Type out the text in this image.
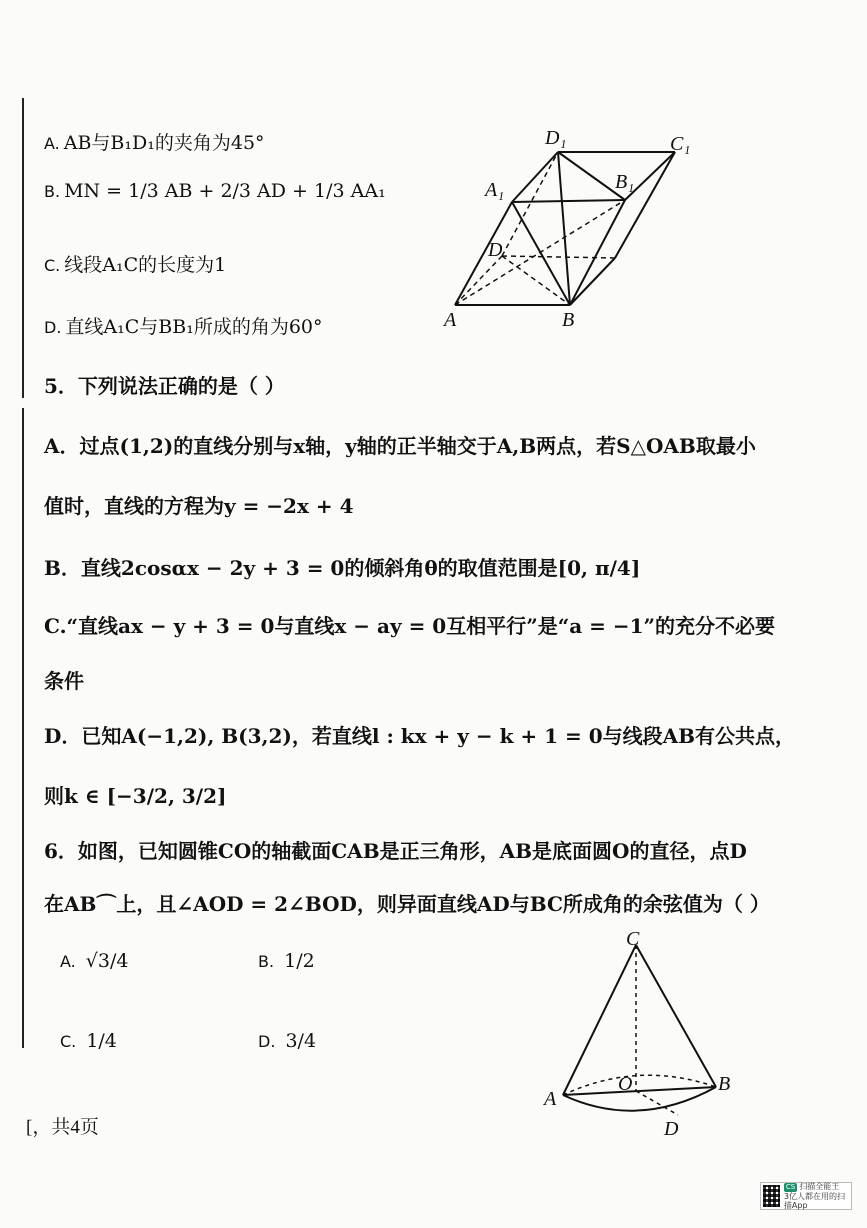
A. AB与B₁D₁的夹角为45°
B. MN = 1/3 AB + 2/3 AD + 1/3 AA₁
C. 线段A₁C的长度为1
D. 直线A₁C与BB₁所成的角为60°
D₁	C₁
A₁	B₁
D
A	B
5．下列说法正确的是（ ）
A．过点(1,2)的直线分别与x轴，y轴的正半轴交于A,B两点，若S△OAB取最小
值时，直线的方程为y = −2x + 4
B．直线2cosαx − 2y + 3 = 0的倾斜角θ的取值范围是[0, π/4]
C.“直线ax − y + 3 = 0与直线x − ay = 0互相平行”是“a = −1”的充分不必要
条件
D．已知A(−1,2), B(3,2)，若直线l : kx + y − k + 1 = 0与线段AB有公共点，
则k ∈ [−3/2, 3/2]
6．如图，已知圆锥CO的轴截面CAB是正三角形，AB是底面圆O的直径，点D
在AB⌒上，且∠AOD = 2∠BOD，则异面直线AD与BC所成角的余弦值为（ ）
A. √3/4	B. 1/2
C. 1/4	D. 3/4
C
O
A
B
D
[，共4页
CS 扫描全能王
3亿人都在用的扫描App
